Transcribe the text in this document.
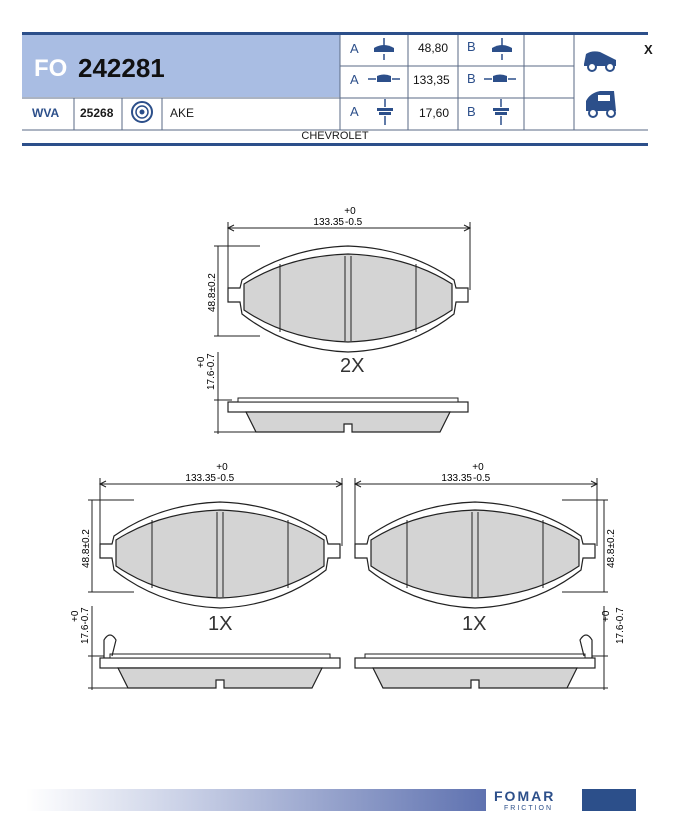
FO 242281
A	48,80 B
A	133,35 B
WVA 25268	AKE	A	17,60 B
X
CHEVROLET
+0
133.35 -0.5
48.8±0.2
2X
17.6-0.7
+0
+0
133.35 -0.5
48.8±0.2
1X
17.6-0.7
+0
+0
133.35 -0.5
48.8±0.2
1X	17.6-0.7
+0
FOMAR
FRICTION
